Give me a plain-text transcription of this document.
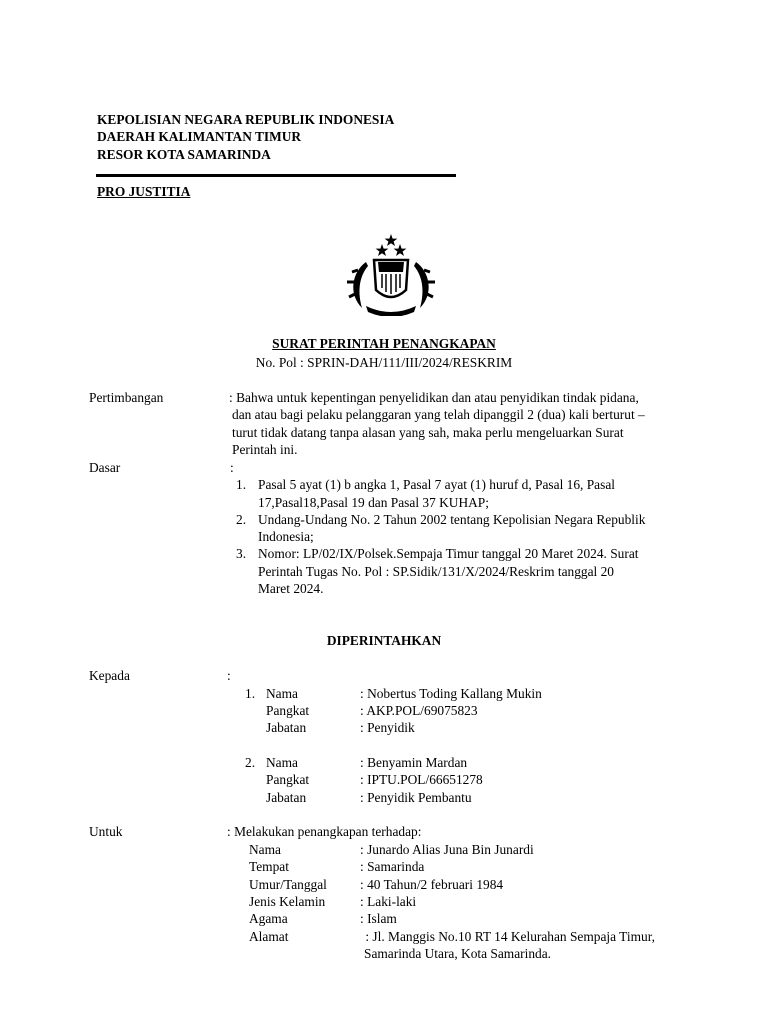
KEPOLISIAN NEGARA REPUBLIK INDONESIA
DAERAH KALIMANTAN TIMUR
RESOR KOTA SAMARINDA
PRO JUSTITIA
SURAT PERINTAH PENANGKAPAN
No. Pol : SPRIN-DAH/111/III/2024/RESKRIM
Pertimbangan	: Bahwa untuk kepentingan penyelidikan dan atau penyidikan tindak pidana,
dan atau bagi pelaku pelanggaran yang telah dipanggil 2 (dua) kali berturut –
turut tidak datang tanpa alasan yang sah, maka perlu mengeluarkan Surat
Perintah ini.
Dasar	:
1. Pasal 5 ayat (1) b angka 1, Pasal 7 ayat (1) huruf d, Pasal 16, Pasal
17,Pasal18,Pasal 19 dan Pasal 37 KUHAP;
2. Undang-Undang No. 2 Tahun 2002 tentang Kepolisian Negara Republik
Indonesia;
3. Nomor: LP/02/IX/Polsek.Sempaja Timur tanggal 20 Maret 2024. Surat
Perintah Tugas No. Pol : SP.Sidik/131/X/2024/Reskrim tanggal 20
Maret 2024.
DIPERINTAHKAN
Kepada	:
1. Nama	: Nobertus Toding Kallang Mukin
Pangkat	: AKP.POL/69075823
Jabatan	: Penyidik
2. Nama	: Benyamin Mardan
Pangkat	: IPTU.POL/66651278
Jabatan	: Penyidik Pembantu
Untuk	: Melakukan penangkapan terhadap:
Nama	: Junardo Alias Juna Bin Junardi
Tempat	: Samarinda
Umur/Tanggal : 40 Tahun/2 februari 1984
Jenis Kelamin	: Laki-laki
Agama	: Islam
Alamat	: Jl. Manggis No.10 RT 14 Kelurahan Sempaja Timur,
Samarinda Utara, Kota Samarinda.
